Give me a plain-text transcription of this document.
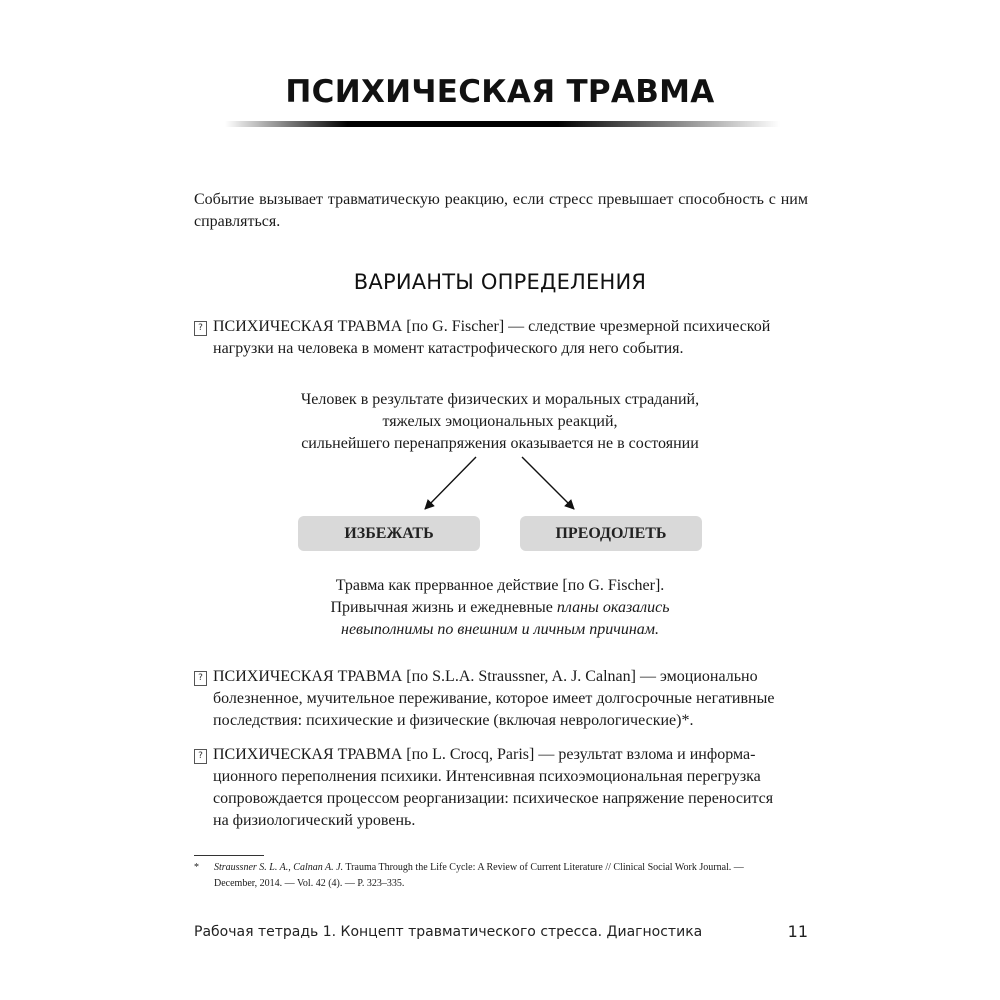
ПСИХИЧЕСКАЯ ТРАВМА
Событие вызывает травматическую реакцию, если стресс превышает способность с ним справляться.
ВАРИАНТЫ ОПРЕДЕЛЕНИЯ
? ПСИХИЧЕСКАЯ ТРАВМА [по G. Fischer] — следствие чрезмерной психической
нагрузки на человека в момент катастрофического для него события.
Человек в результате физических и моральных страданий,
тяжелых эмоциональных реакций,
сильнейшего перенапряжения оказывается не в состоянии
ИЗБЕЖАТЬ	ПРЕОДОЛЕТЬ
Травма как прерванное действие [по G. Fischer].
Привычная жизнь и ежедневные планы оказались
невыполнимы по внешним и личным причинам.
? ПСИХИЧЕСКАЯ ТРАВМА [по S.L.A. Straussner, A. J. Calnan] — эмоционально
болезненное, мучительное переживание, которое имеет долгосрочные негативные
последствия: психические и физические (включая неврологические)*.
? ПСИХИЧЕСКАЯ ТРАВМА [по L. Crocq, Paris] — результат взлома и информа-
ционного переполнения психики. Интенсивная психоэмоциональная перегрузка
сопровождается процессом реорганизации: психическое напряжение переносится
на физиологический уровень.
*	Straussner S. L. A., Calnan A. J. Trauma Through the Life Cycle: A Review of Current Literature // Clinical Social Work Journal. —
December, 2014. — Vol. 42 (4). — P. 323–335.
Рабочая тетрадь 1. Концепт травматического стресса. Диагностика	11
